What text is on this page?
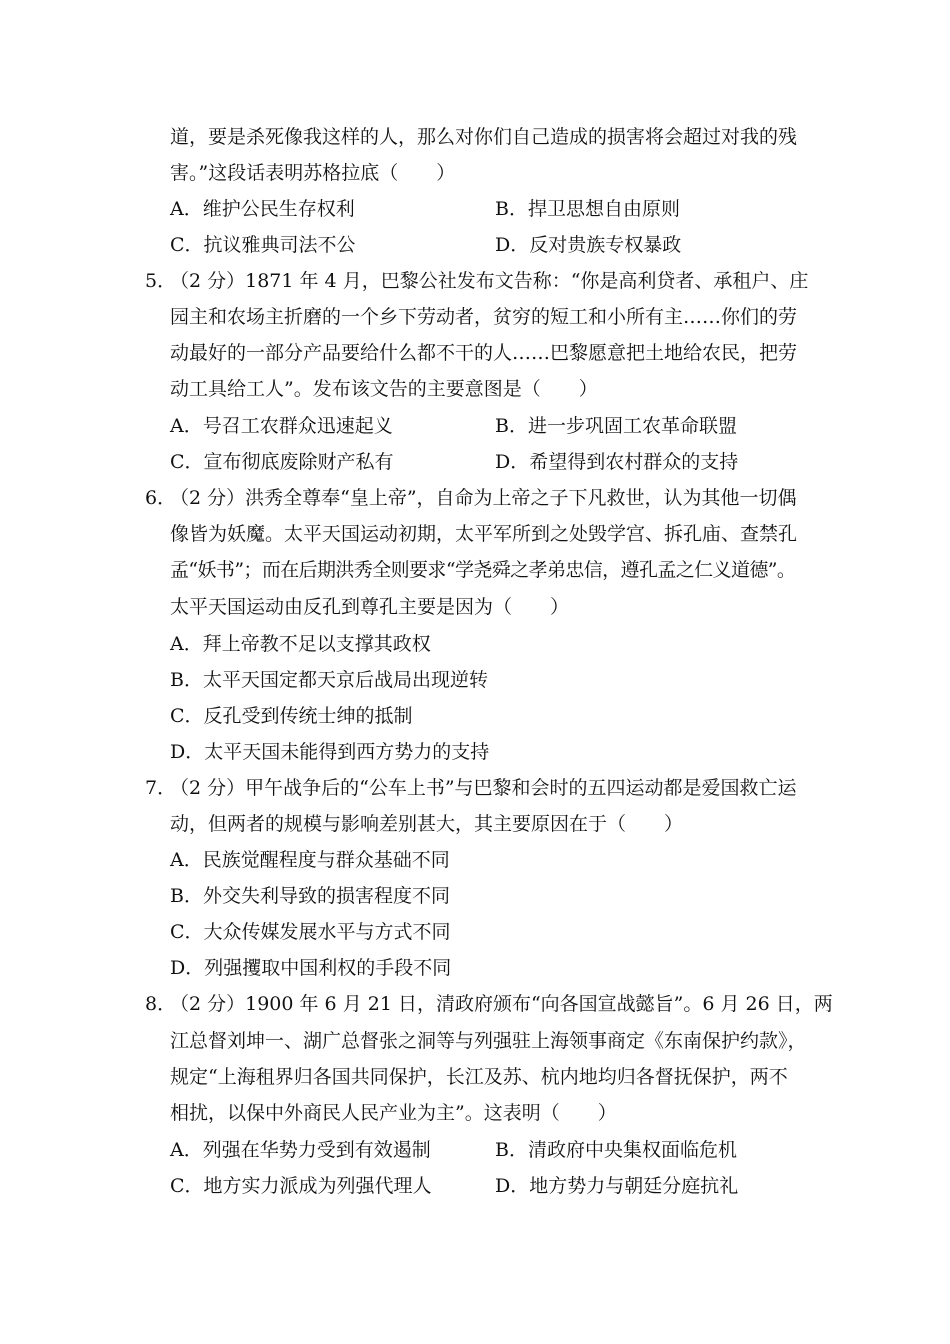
道，要是杀死像我这样的人，那么对你们自己造成的损害将会超过对我的残
害。”这段话表明苏格拉底（　　）
A．维护公民生存权利	B．捍卫思想自由原则
C．抗议雅典司法不公	D．反对贵族专权暴政
5．
（2 分）1871 年 4 月，巴黎公社发布文告称：“你是高利贷者、承租户、庄
园主和农场主折磨的一个乡下劳动者，贫穷的短工和小所有主……你们的劳
动最好的一部分产品要给什么都不干的人……巴黎愿意把土地给农民，把劳
动工具给工人”。发布该文告的主要意图是（　　）
A．号召工农群众迅速起义	B．进一步巩固工农革命联盟
C．宣布彻底废除财产私有	D．希望得到农村群众的支持
6．
（2 分）洪秀全尊奉“皇上帝”，自命为上帝之子下凡救世，认为其他一切偶
像皆为妖魔。太平天国运动初期，太平军所到之处毁学宫、拆孔庙、查禁孔
孟“妖书”；而在后期洪秀全则要求“学尧舜之孝弟忠信，遵孔孟之仁义道德”。
太平天国运动由反孔到尊孔主要是因为（　　）
A．拜上帝教不足以支撑其政权
B．太平天国定都天京后战局出现逆转
C．反孔受到传统士绅的抵制
D．太平天国未能得到西方势力的支持
7．
（2 分）甲午战争后的“公车上书”与巴黎和会时的五四运动都是爱国救亡运
动，但两者的规模与影响差别甚大，其主要原因在于（　　）
A．民族觉醒程度与群众基础不同
B．外交失利导致的损害程度不同
C．大众传媒发展水平与方式不同
D．列强攫取中国利权的手段不同
8．
（2 分）1900 年 6 月 21 日，清政府颁布“向各国宣战懿旨”。6 月 26 日，两
江总督刘坤一、湖广总督张之洞等与列强驻上海领事商定《东南保护约款》，
规定“上海租界归各国共同保护，长江及苏、杭内地均归各督抚保护，两不
相扰，以保中外商民人民产业为主”。这表明（　　）
A．列强在华势力受到有效遏制	B．清政府中央集权面临危机
C．地方实力派成为列强代理人	D．地方势力与朝廷分庭抗礼
